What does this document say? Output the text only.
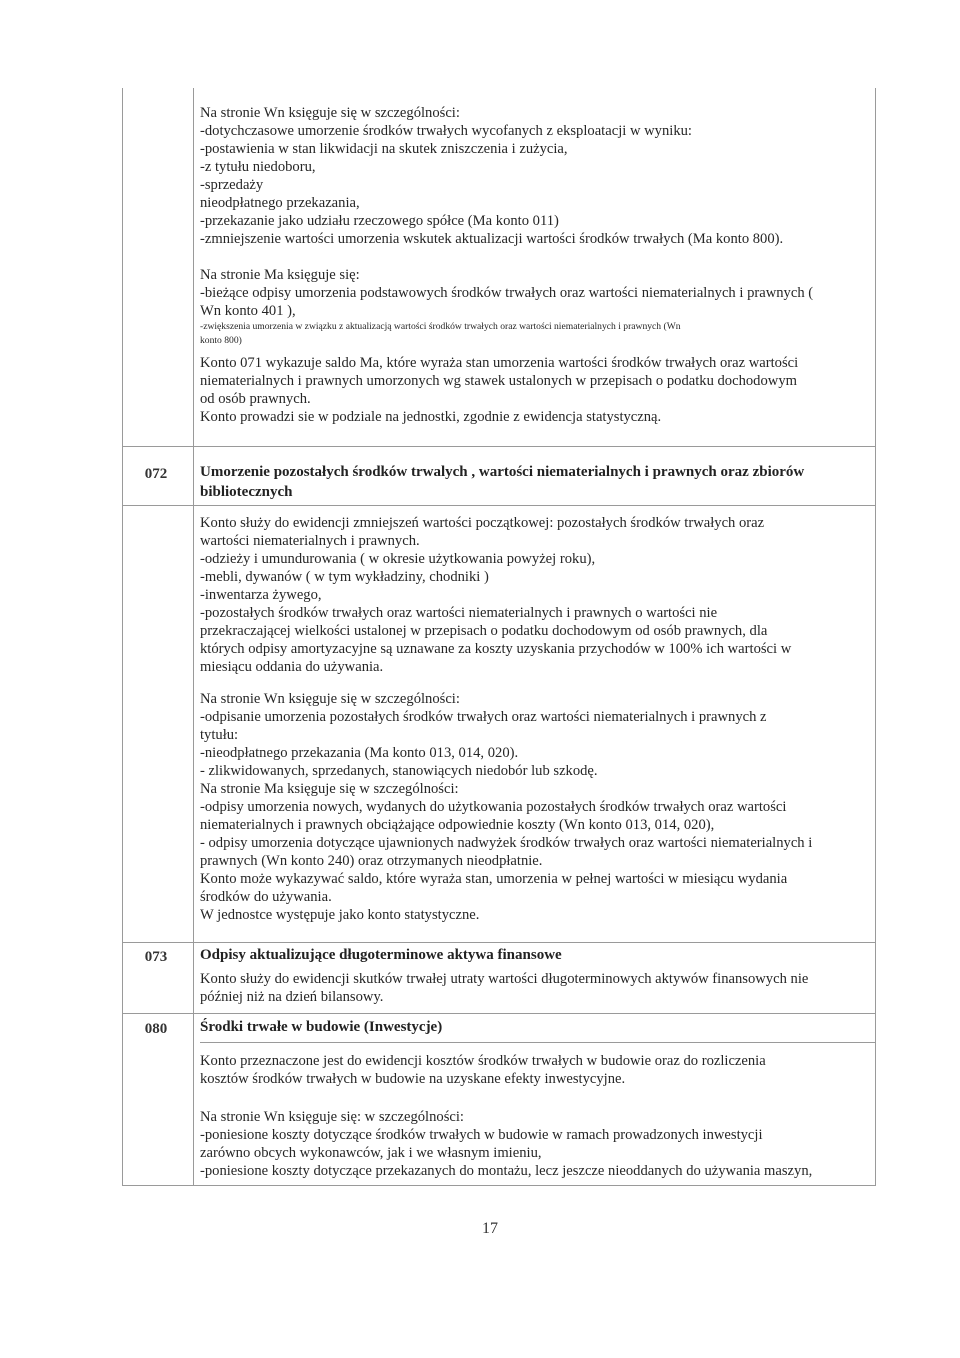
Na stronie Wn księguje się w szczególności:
-dotychczasowe umorzenie środków trwałych wycofanych z eksploatacji w wyniku:
-postawienia w stan likwidacji na skutek zniszczenia i zużycia,
-z tytułu niedoboru,
-sprzedaży
nieodpłatnego przekazania,
-przekazanie jako udziału rzeczowego spółce (Ma konto 011)
-zmniejszenie wartości umorzenia wskutek aktualizacji wartości środków trwałych (Ma konto 800).
Na stronie Ma księguje się:
-bieżące odpisy umorzenia podstawowych środków trwałych oraz wartości niematerialnych i prawnych (
Wn konto 401 ),
-zwiększenia umorzenia w związku z aktualizacją wartości środków trwałych oraz wartości niematerialnych i prawnych (Wn
konto 800)
Konto 071 wykazuje saldo Ma, które wyraża stan umorzenia wartości środków trwałych oraz wartości
niematerialnych i prawnych umorzonych wg stawek ustalonych w przepisach o podatku dochodowym
od osób prawnych.
Konto prowadzi sie w podziale na jednostki, zgodnie z ewidencja statystyczną.
072	Umorzenie pozostałych środków trwalych , wartości niematerialnych i prawnych oraz zbiorów
bibliotecznych
Konto służy do ewidencji zmniejszeń wartości początkowej: pozostałych środków trwałych oraz
wartości niematerialnych i prawnych.
-odzieży i umundurowania ( w okresie użytkowania powyżej roku),
-mebli, dywanów ( w tym wykładziny, chodniki )
-inwentarza żywego,
-pozostałych środków trwałych oraz wartości niematerialnych i prawnych o wartości nie
przekraczającej wielkości ustalonej w przepisach o podatku dochodowym od osób prawnych, dla
których odpisy amortyzacyjne są uznawane za koszty uzyskania przychodów w 100% ich wartości w
miesiącu oddania do używania.
Na stronie Wn księguje się w szczególności:
-odpisanie umorzenia pozostałych środków trwałych oraz wartości niematerialnych i prawnych z
tytułu:
-nieodpłatnego przekazania (Ma konto 013, 014, 020).
- zlikwidowanych, sprzedanych, stanowiących niedobór lub szkodę.
Na stronie Ma księguje się w szczególności:
-odpisy umorzenia nowych, wydanych do użytkowania pozostałych środków trwałych oraz wartości
niematerialnych i prawnych obciążające odpowiednie koszty (Wn konto 013, 014, 020),
- odpisy umorzenia dotyczące ujawnionych nadwyżek środków trwałych oraz wartości niematerialnych i
prawnych (Wn konto 240) oraz otrzymanych nieodpłatnie.
Konto może wykazywać saldo, które wyraża stan, umorzenia w pełnej wartości w miesiącu wydania
środków do używania.
W jednostce występuje jako konto statystyczne.
073	Odpisy aktualizujące długoterminowe aktywa finansowe
Konto służy do ewidencji skutków trwałej utraty wartości długoterminowych aktywów finansowych nie
później niż na dzień bilansowy.
080	Środki trwałe w budowie (Inwestycje)
Konto przeznaczone jest do ewidencji kosztów środków trwałych w budowie oraz do rozliczenia
kosztów środków trwałych w budowie na uzyskane efekty inwestycyjne.
Na stronie Wn księguje się: w szczególności:
-poniesione koszty dotyczące środków trwałych w budowie w ramach prowadzonych inwestycji
zarówno obcych wykonawców, jak i we własnym imieniu,
-poniesione koszty dotyczące przekazanych do montażu, lecz jeszcze nieoddanych do używania maszyn,
17
